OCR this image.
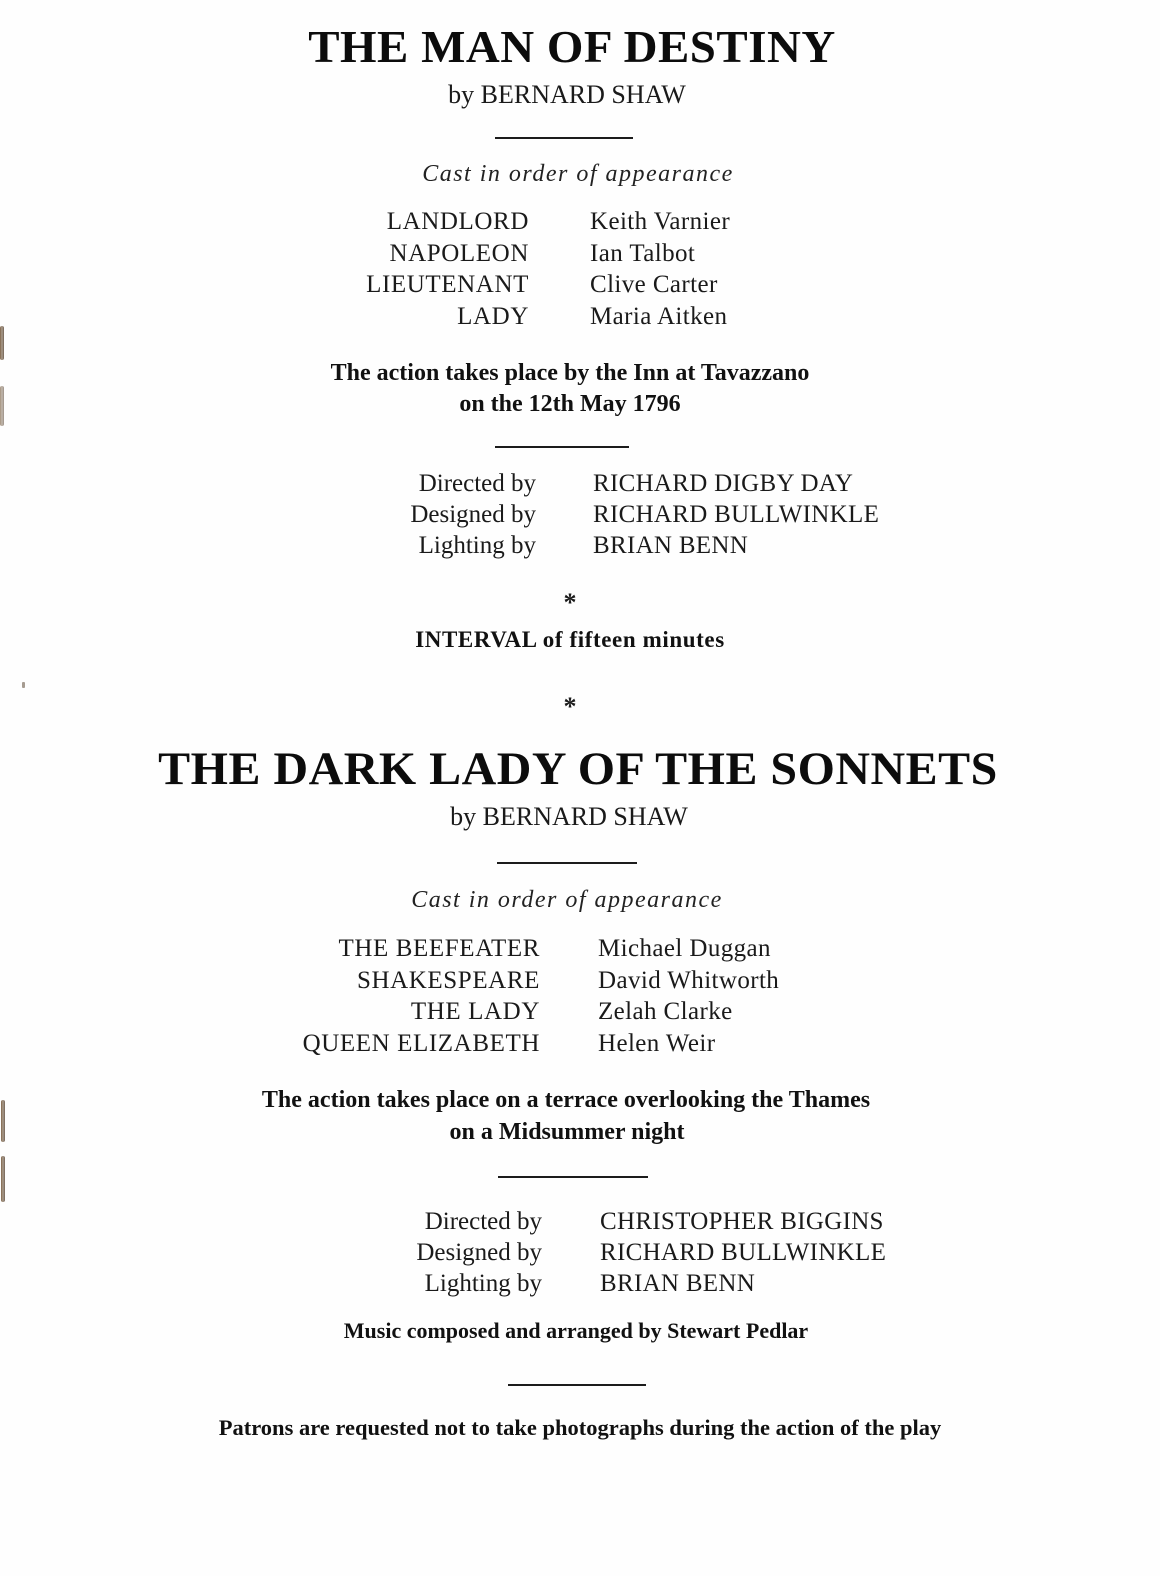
THE MAN OF DESTINY
by BERNARD SHAW
Cast in order of appearance
LANDLORD Keith Varnier
NAPOLEON Ian Talbot
LIEUTENANT Clive Carter
LADY Maria Aitken
The action takes place by the Inn at Tavazzano
on the 12th May 1796
Directed by RICHARD DIGBY DAY
Designed by RICHARD BULLWINKLE
Lighting by BRIAN BENN
*
INTERVAL of fifteen minutes
*
THE DARK LADY OF THE SONNETS
by BERNARD SHAW
Cast in order of appearance
THE BEEFEATER Michael Duggan
SHAKESPEARE David Whitworth
THE LADY Zelah Clarke
QUEEN ELIZABETH Helen Weir
The action takes place on a terrace overlooking the Thames
on a Midsummer night
Directed by CHRISTOPHER BIGGINS
Designed by RICHARD BULLWINKLE
Lighting by BRIAN BENN
Music composed and arranged by Stewart Pedlar
Patrons are requested not to take photographs during the action of the play
